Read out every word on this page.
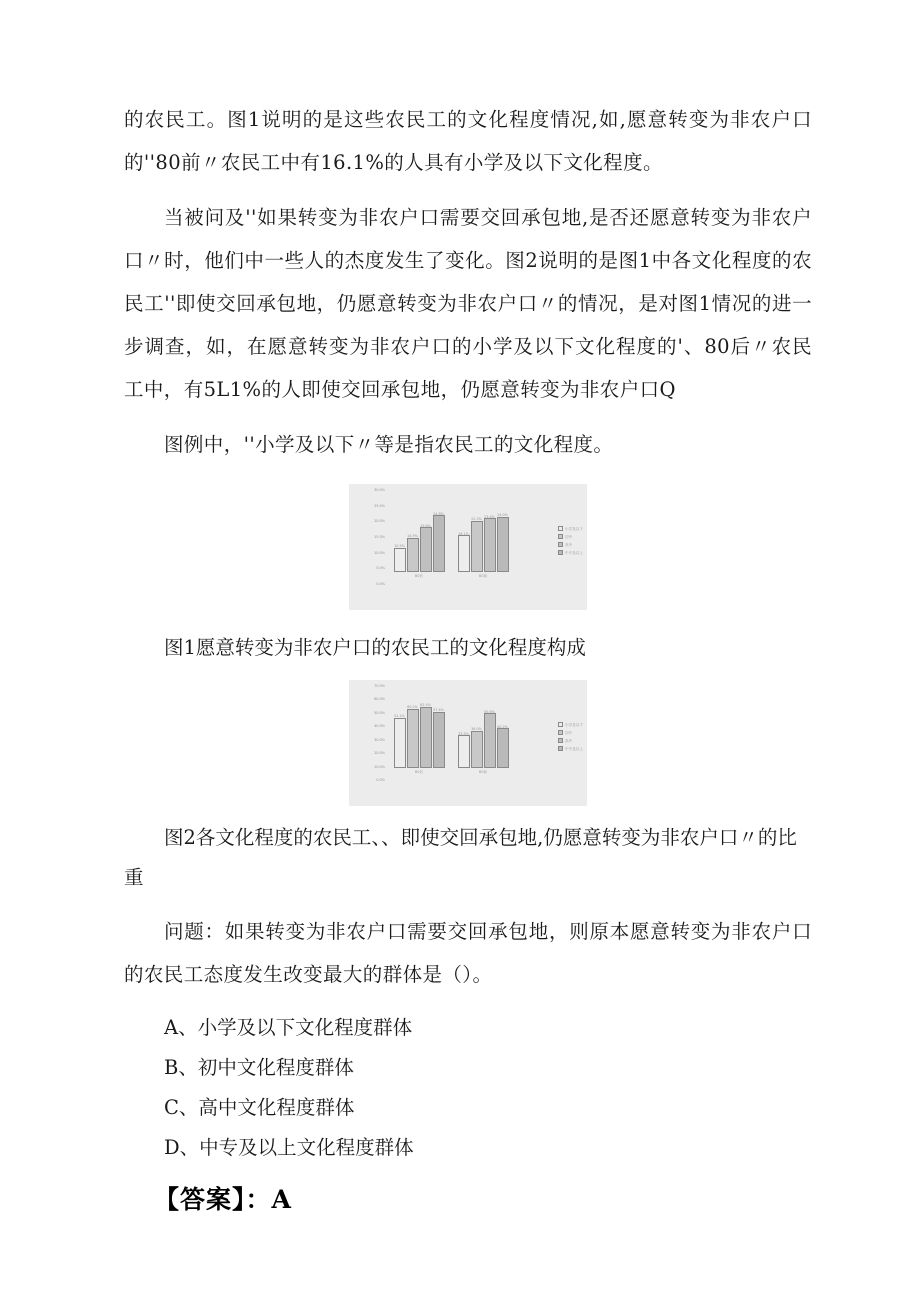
的农民工。图1说明的是这些农民工的文化程度情况,如,愿意转变为非农户口的''80前〃农民工中有16.1%的人具有小学及以下文化程度。

当被问及''如果转变为非农户口需要交回承包地,是否还愿意转变为非农户口〃时，他们中一些人的杰度发生了变化。图2说明的是图1中各文化程度的农民工''即使交回承包地，仍愿意转变为非农户口〃的情况，是对图1情况的进一步调查，如，在愿意转变为非农户口的小学及以下文化程度的'、80后〃农民工中，有5L1%的人即使交回承包地，仍愿意转变为非农户口Q

图例中，''小学及以下〃等是指农民工的文化程度。

30.0%
25.0%
20.0%
15.0%
10.0%
5.0%
0.0%
10.5%
14.9%
19.6%
24.8%
16.1%
22.3%
23.4% 24.0%
80后	80前
小学及以下
初中
高中
中专及以上
图1愿意转变为非农户口的农民工的文化程度构成
70.0%
60.0%
50.0%
40.0%
30.0%
20.0%
10.0%
0.0%
51.1%
60.2%
62.5%
57.4%
33.5%
38.0%
55.6%
40.2%
80后	80前
小学及以下
初中
高中
中专及以上
图2各文化程度的农民工、、即使交回承包地,仍愿意转变为非农户口〃的比重

问题：如果转变为非农户口需要交回承包地，则原本愿意转变为非农户口的农民工态度发生改变最大的群体是（）。

A、小学及以下文化程度群体
B、初中文化程度群体
C、高中文化程度群体
D、中专及以上文化程度群体
【答案】：A
